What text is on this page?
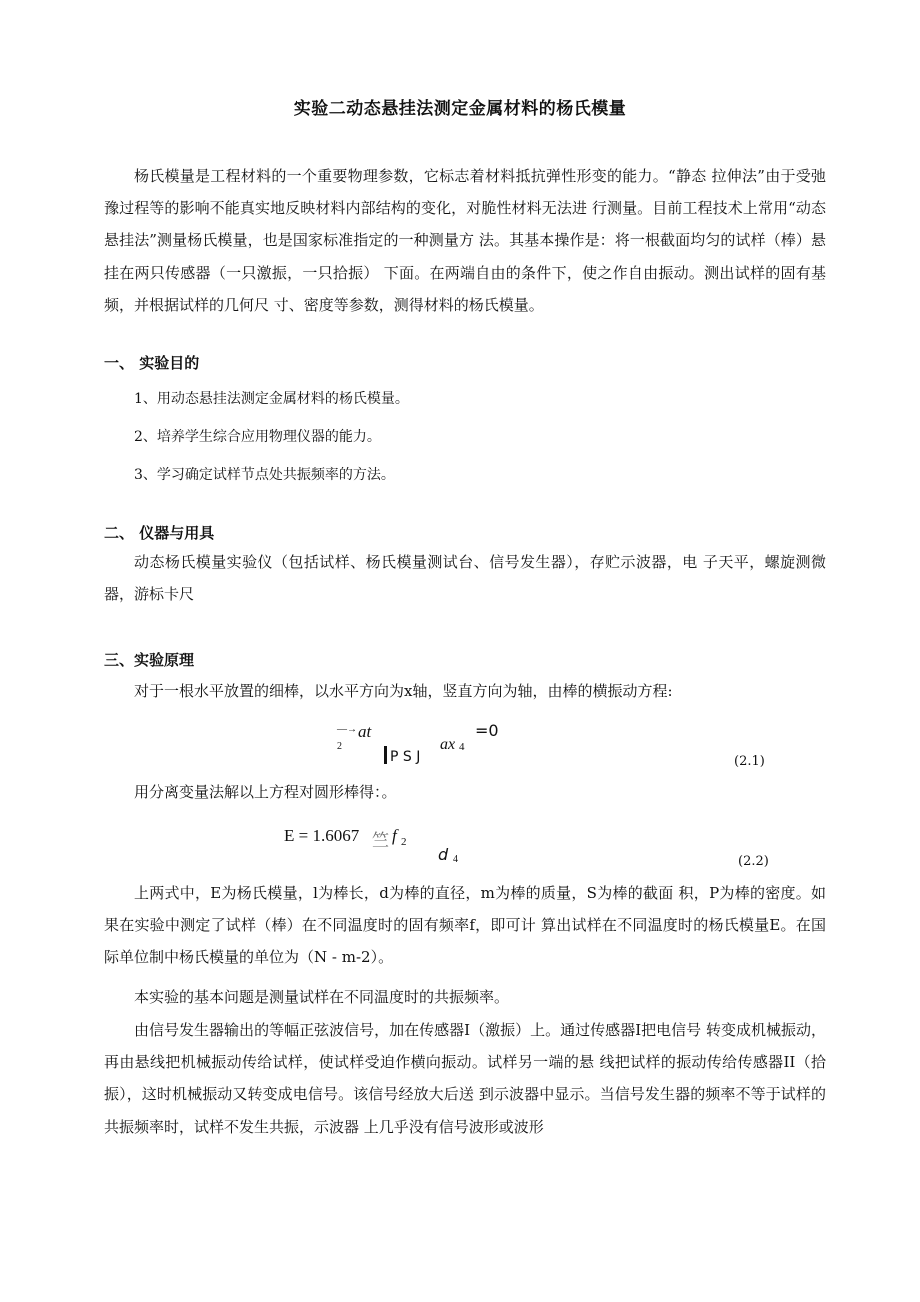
实验二动态悬挂法测定金属材料的杨氏模量

杨氏模量是工程材料的一个重要物理参数，它标志着材料抵抗弹性形变的能力。“静态 拉伸法”由于受弛豫过程等的影响不能真实地反映材料内部结构的变化，对脆性材料无法进 行测量。目前工程技术上常用“动态悬挂法”测量杨氏模量，也是国家标准指定的一种测量方 法。其基本操作是：将一根截面均匀的试样（棒）悬挂在两只传感器（一只激振，一只拾振） 下面。在两端自由的条件下，使之作自由振动。测出试样的固有基频，并根据试样的几何尺 寸、密度等参数，测得材料的杨氏模量。

一、 实验目的
1、用动态悬挂法测定金属材料的杨氏模量。
2、培养学生综合应用物理仪器的能力。
3、学习确定试样节点处共振频率的方法。
二、 仪器与用具

动态杨氏模量实验仪（包括试样、杨氏模量测试台、信号发生器），存贮示波器，电 子天平，螺旋测微器，游标卡尺

三、实验原理

对于一根水平放置的细棒，以水平方向为x轴，竖直方向为轴，由棒的横振动方程:

—→ at	=0
2
P S J
ax 4
(2.1)

用分离变量法解以上方程对圆形棒得：。

E = 1.6067 竺 f 2
d 4	(2.2)

上两式中，E为杨氏模量，l为棒长，d为棒的直径，m为棒的质量，S为棒的截面 积，P为棒的密度。如果在实验中测定了试样（棒）在不同温度时的固有频率f，即可计 算出试样在不同温度时的杨氏模量E。在国际单位制中杨氏模量的单位为（N - m-2）。

本实验的基本问题是测量试样在不同温度时的共振频率。

由信号发生器输出的等幅正弦波信号，加在传感器I（激振）上。通过传感器I把电信号 转变成机械振动，再由悬线把机械振动传给试样，使试样受迫作横向振动。试样另一端的悬 线把试样的振动传给传感器II（拾振），这时机械振动又转变成电信号。该信号经放大后送 到示波器中显示。当信号发生器的频率不等于试样的共振频率时，试样不发生共振，示波器 上几乎没有信号波形或波形
